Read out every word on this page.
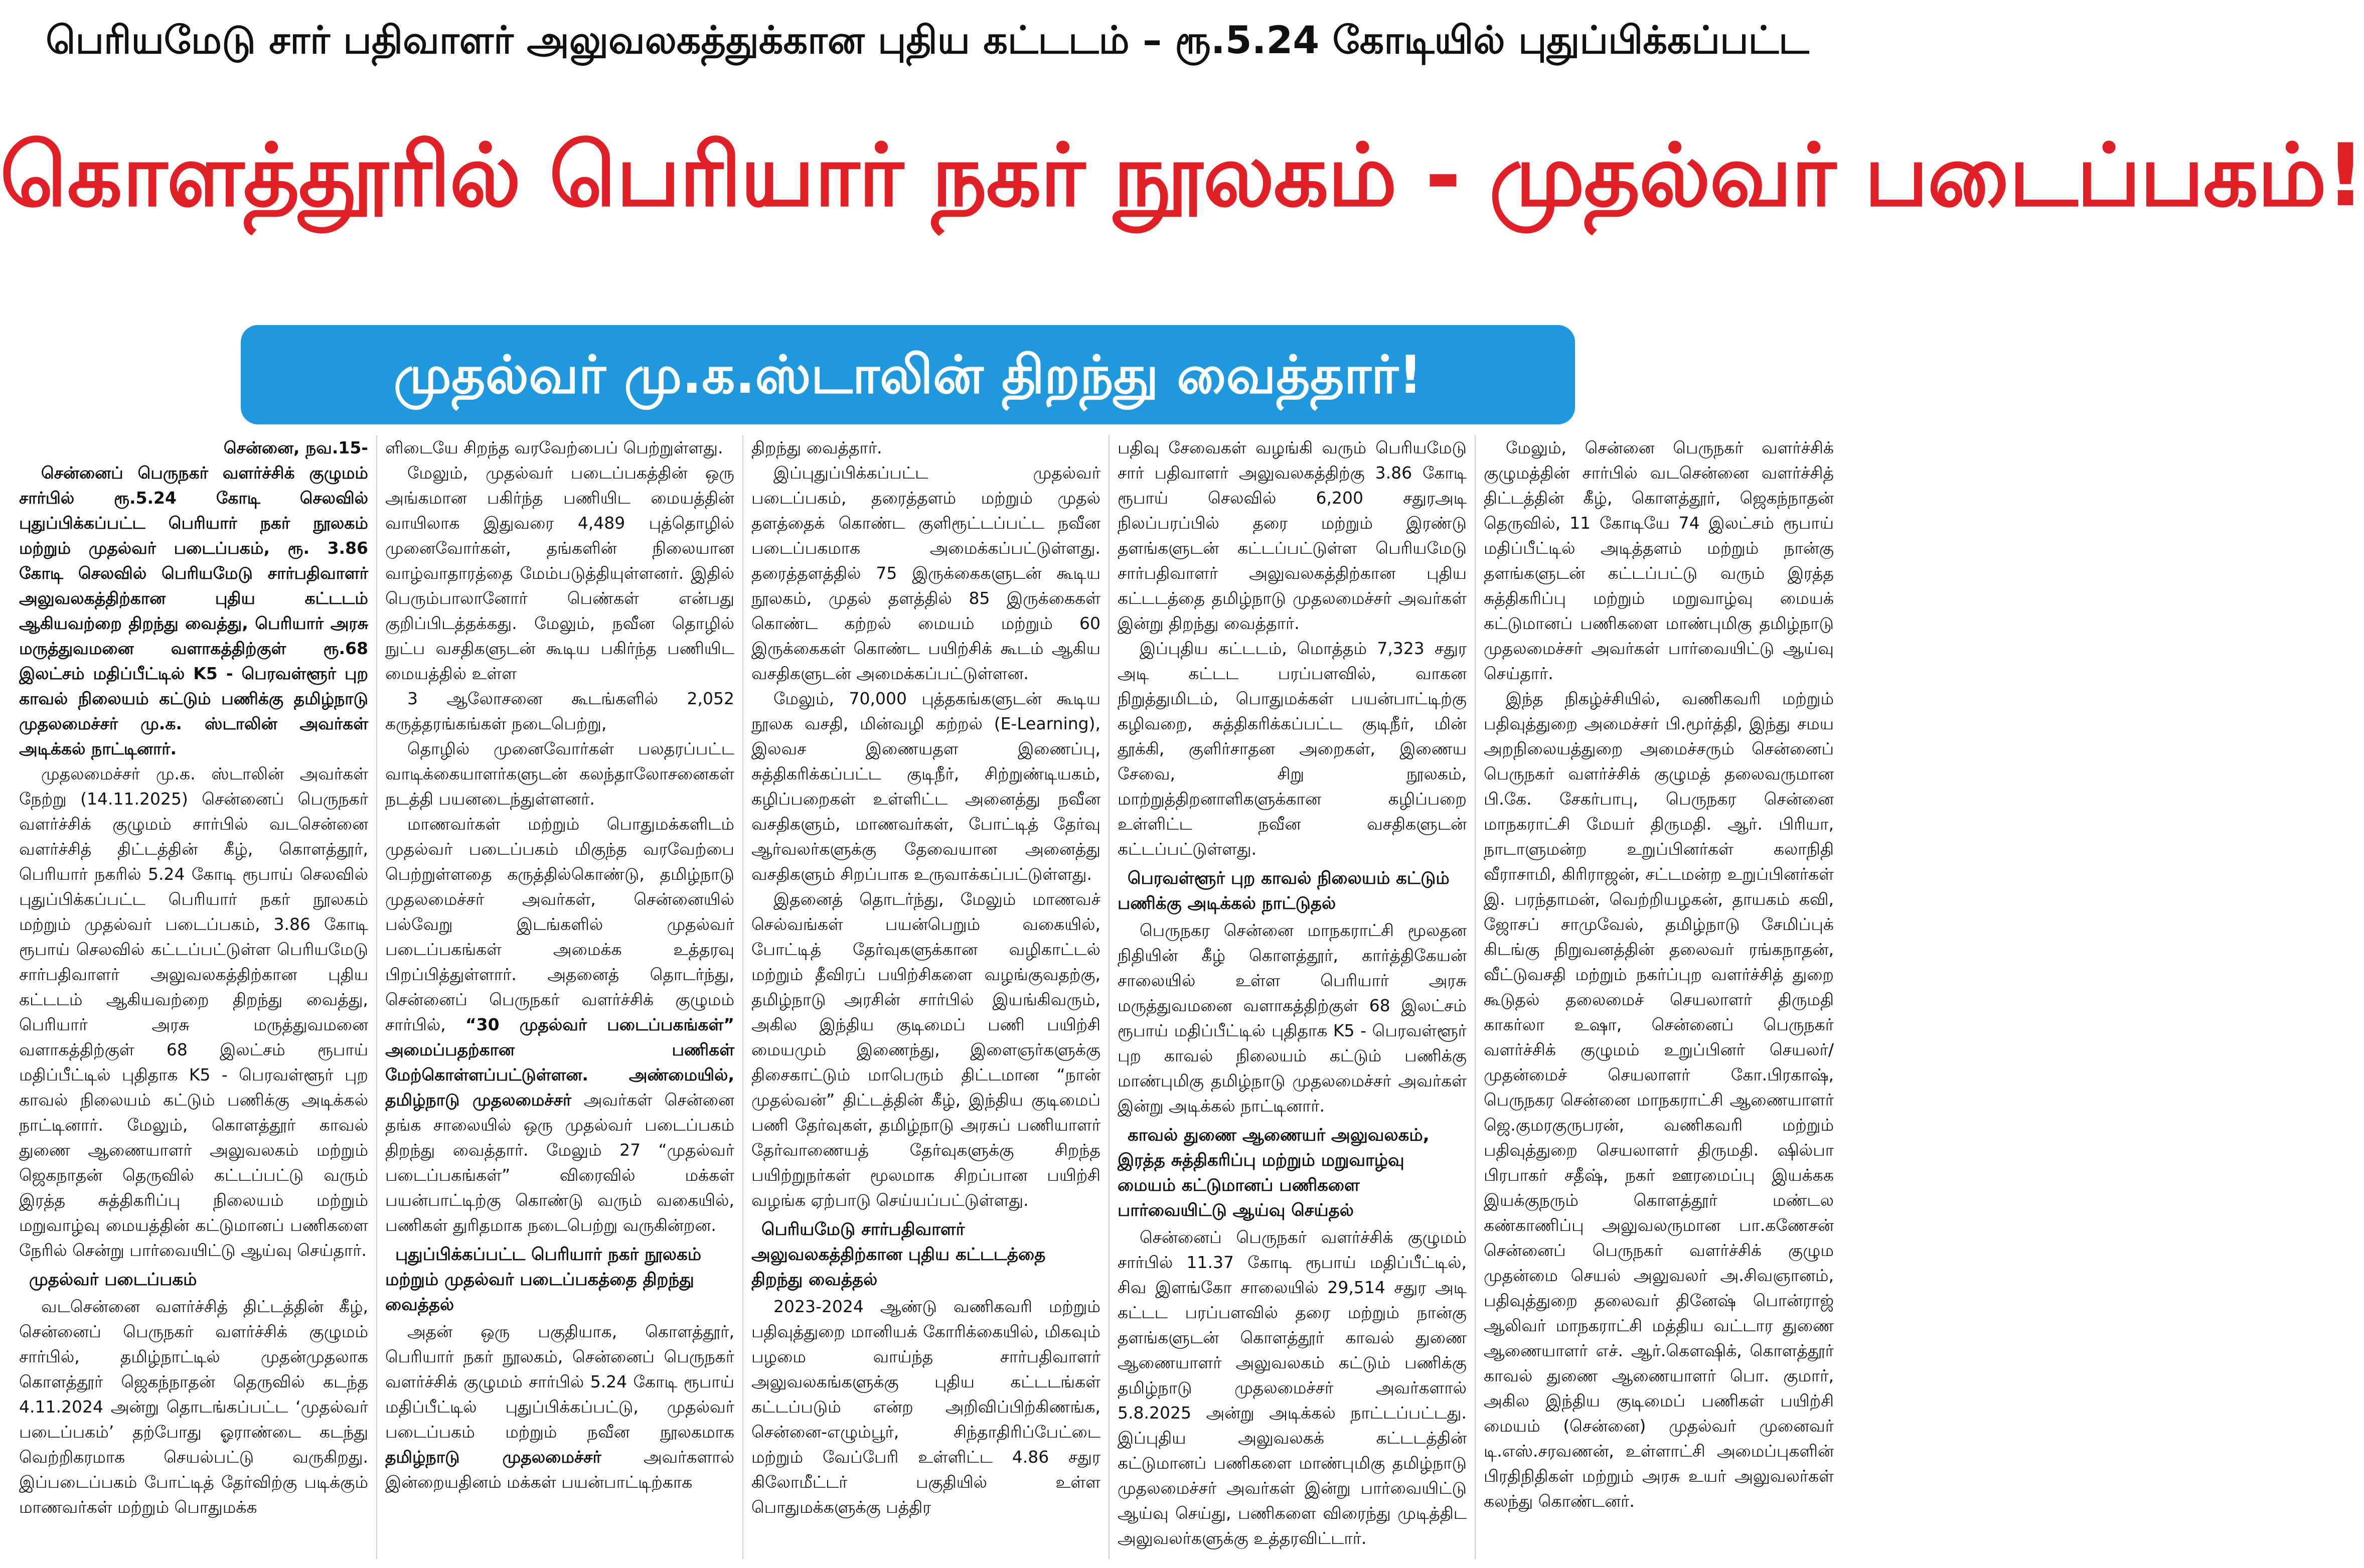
பெரியமேடு சார் பதிவாளர் அலுவலகத்துக்கான புதிய கட்டடம் – ரூ.5.24 கோடியில் புதுப்பிக்கப்பட்ட
கொளத்தூரில் பெரியார் நகர் நூலகம் - முதல்வர் படைப்பகம்!
முதல்வர் மு.க.ஸ்டாலின் திறந்து வைத்தார்!

சென்னை, நவ.15-

சென்னைப் பெருநகர் வளர்ச்சிக் குழுமம் சார்பில் ரூ.5.24 கோடி செலவில் புதுப்பிக்கப்பட்ட பெரியார் நகர் நூலகம் மற்றும் முதல்வர் படைப்பகம், ரூ. 3.86 கோடி செலவில் பெரியமேடு சார்பதிவாளர் அலுவலகத்திற்கான புதிய கட்டடம் ஆகியவற்றை திறந்து வைத்து, பெரியார் அரசு மருத்துவமனை வளாகத்திற்குள் ரூ.68 இலட்சம் மதிப்பீட்டில் K5 - பெரவள்ளூர் புற காவல் நிலையம் கட்டும் பணிக்கு தமிழ்நாடு முதலமைச்சர் மு.க. ஸ்டாலின் அவர்கள் அடிக்கல் நாட்டினார்.

முதலமைச்சர் மு.க. ஸ்டாலின் அவர்கள் நேற்று (14.11.2025) சென்னைப் பெருநகர் வளர்ச்சிக் குழுமம் சார்பில் வடசென்னை வளர்ச்சித் திட்டத்தின் கீழ், கொளத்தூர், பெரியார் நகரில் 5.24 கோடி ரூபாய் செலவில் புதுப்பிக்கப்பட்ட பெரியார் நகர் நூலகம் மற்றும் முதல்வர் படைப்பகம், 3.86 கோடி ரூபாய் செலவில் கட்டப்பட்டுள்ள பெரியமேடு சார்பதிவாளர் அலுவலகத்திற்கான புதிய கட்டடம் ஆகியவற்றை திறந்து வைத்து, பெரியார் அரசு மருத்துவமனை வளாகத்திற்குள் 68 இலட்சம் ரூபாய் மதிப்பீட்டில் புதிதாக K5 - பெரவள்ளூர் புற காவல் நிலையம் கட்டும் பணிக்கு அடிக்கல் நாட்டினார். மேலும், கொளத்தூர் காவல் துணை ஆணையாளர் அலுவலகம் மற்றும் ஜெகநாதன் தெருவில் கட்டப்பட்டு வரும் இரத்த சுத்திகரிப்பு நிலையம் மற்றும் மறுவாழ்வு மையத்தின் கட்டுமானப் பணிகளை நேரில் சென்று பார்வையிட்டு ஆய்வு செய்தார்.

முதல்வர் படைப்பகம்

வடசென்னை வளர்ச்சித் திட்டத்தின் கீழ், சென்னைப் பெருநகர் வளர்ச்சிக் குழுமம் சார்பில், தமிழ்நாட்டில் முதன்முதலாக கொளத்தூர் ஜெகந்நாதன் தெருவில் கடந்த 4.11.2024 அன்று தொடங்கப்பட்ட ‘முதல்வர் படைப்பகம்’ தற்போது ஓராண்டை கடந்து வெற்றிகரமாக செயல்பட்டு வருகிறது. இப்படைப்பகம் போட்டித் தேர்விற்கு படிக்கும் மாணவர்கள் மற்றும் பொதுமக்க

ளிடையே சிறந்த வரவேற்பைப் பெற்றுள்ளது.

மேலும், முதல்வர் படைப்பகத்தின் ஒரு அங்கமான பகிர்ந்த பணியிட மையத்தின் வாயிலாக இதுவரை 4,489 புத்தொழில் முனைவோர்கள், தங்களின் நிலையான வாழ்வாதாரத்தை மேம்படுத்தியுள்ளனர். இதில் பெரும்பாலானோர் பெண்கள் என்பது குறிப்பிடத்தக்கது. மேலும், நவீன தொழில் நுட்ப வசதிகளுடன் கூடிய பகிர்ந்த பணியிட மையத்தில் உள்ள

3 ஆலோசனை கூடங்களில் 2,052 கருத்தரங்கங்கள் நடைபெற்று,

தொழில் முனைவோர்கள் பலதரப்பட்ட வாடிக்கையாளர்களுடன் கலந்தாலோசனைகள் நடத்தி பயனடைந்துள்ளனர்.

மாணவர்கள் மற்றும் பொதுமக்களிடம் முதல்வர் படைப்பகம் மிகுந்த வரவேற்பை பெற்றுள்ளதை கருத்தில்கொண்டு, தமிழ்நாடு முதலமைச்சர் அவர்கள், சென்னையில் பல்வேறு இடங்களில் முதல்வர் படைப்பகங்கள் அமைக்க உத்தரவு பிறப்பித்துள்ளார். அதனைத் தொடர்ந்து, சென்னைப் பெருநகர் வளர்ச்சிக் குழுமம் சார்பில், “30 முதல்வர் படைப்பகங்கள்” அமைப்பதற்கான பணிகள் மேற்கொள்ளப்பட்டுள்ளன. அண்மையில், தமிழ்நாடு முதலமைச்சர் அவர்கள் சென்னை தங்க சாலையில் ஒரு முதல்வர் படைப்பகம் திறந்து வைத்தார். மேலும் 27 “முதல்வர் படைப்பகங்கள்” விரைவில் மக்கள் பயன்பாட்டிற்கு கொண்டு வரும் வகையில், பணிகள் துரிதமாக நடைபெற்று வருகின்றன.

புதுப்பிக்கப்பட்ட பெரியார் நகர் நூலகம் மற்றும் முதல்வர் படைப்பகத்தை திறந்து வைத்தல்

அதன் ஒரு பகுதியாக, கொளத்தூர், பெரியார் நகர் நூலகம், சென்னைப் பெருநகர் வளர்ச்சிக் குழுமம் சார்பில் 5.24 கோடி ரூபாய் மதிப்பீட்டில் புதுப்பிக்கப்பட்டு, முதல்வர் படைப்பகம் மற்றும் நவீன நூலகமாக தமிழ்நாடு முதலமைச்சர் அவர்களால் இன்றையதினம் மக்கள் பயன்பாட்டிற்காக

திறந்து வைத்தார்.

இப்புதுப்பிக்கப்பட்ட முதல்வர் படைப்பகம், தரைத்தளம் மற்றும் முதல் தளத்தைக் கொண்ட குளிரூட்டப்பட்ட நவீன படைப்பகமாக அமைக்கப்பட்டுள்ளது. தரைத்தளத்தில் 75 இருக்கைகளுடன் கூடிய நூலகம், முதல் தளத்தில் 85 இருக்கைகள் கொண்ட கற்றல் மையம் மற்றும் 60 இருக்கைகள் கொண்ட பயிற்சிக் கூடம் ஆகிய வசதிகளுடன் அமைக்கப்பட்டுள்ளன.

மேலும், 70,000 புத்தகங்களுடன் கூடிய நூலக வசதி, மின்வழி கற்றல் (E-Learning), இலவச இணையதள இணைப்பு, சுத்திகரிக்கப்பட்ட குடிநீர், சிற்றுண்டியகம், கழிப்பறைகள் உள்ளிட்ட அனைத்து நவீன வசதிகளும், மாணவர்கள், போட்டித் தேர்வு ஆர்வலர்களுக்கு தேவையான அனைத்து வசதிகளும் சிறப்பாக உருவாக்கப்பட்டுள்ளது.

இதனைத் தொடர்ந்து, மேலும் மாணவச் செல்வங்கள் பயன்பெறும் வகையில், போட்டித் தேர்வுகளுக்கான வழிகாட்டல் மற்றும் தீவிரப் பயிற்சிகளை வழங்குவதற்கு, தமிழ்நாடு அரசின் சார்பில் இயங்கிவரும், அகில இந்திய குடிமைப் பணி பயிற்சி மையமும் இணைந்து, இளைஞர்களுக்கு திசைகாட்டும் மாபெரும் திட்டமான “நான் முதல்வன்” திட்டத்தின் கீழ், இந்திய குடிமைப் பணி தேர்வுகள், தமிழ்நாடு அரசுப் பணியாளர் தேர்வாணையத் தேர்வுகளுக்கு சிறந்த பயிற்றுநர்கள் மூலமாக சிறப்பான பயிற்சி வழங்க ஏற்பாடு செய்யப்பட்டுள்ளது.

பெரியமேடு சார்பதிவாளர் அலுவலகத்திற்கான புதிய கட்டடத்தை திறந்து வைத்தல்

2023-2024 ஆண்டு வணிகவரி மற்றும் பதிவுத்துறை மானியக் கோரிக்கையில், மிகவும் பழமை வாய்ந்த சார்பதிவாளர் அலுவலகங்களுக்கு புதிய கட்டடங்கள் கட்டப்படும் என்ற அறிவிப்பிற்கிணங்க, சென்னை-எழும்பூர், சிந்தாதிரிப்பேட்டை மற்றும் வேப்பேரி உள்ளிட்ட 4.86 சதுர கிலோமீட்டர் பகுதியில் உள்ள பொதுமக்களுக்கு பத்திர

பதிவு சேவைகள் வழங்கி வரும் பெரியமேடு சார் பதிவாளர் அலுவலகத்திற்கு 3.86 கோடி ரூபாய் செலவில் 6,200 சதுரஅடி நிலப்பரப்பில் தரை மற்றும் இரண்டு தளங்களுடன் கட்டப்பட்டுள்ள பெரியமேடு சார்பதிவாளர் அலுவலகத்திற்கான புதிய கட்டடத்தை தமிழ்நாடு முதலமைச்சர் அவர்கள் இன்று திறந்து வைத்தார்.

இப்புதிய கட்டடம், மொத்தம் 7,323 சதுர அடி கட்டட பரப்பளவில், வாகன நிறுத்துமிடம், பொதுமக்கள் பயன்பாட்டிற்கு கழிவறை, சுத்திகரிக்கப்பட்ட குடிநீர், மின் தூக்கி, குளிர்சாதன அறைகள், இணைய சேவை, சிறு நூலகம், மாற்றுத்திறனாளிகளுக்கான கழிப்பறை உள்ளிட்ட நவீன வசதிகளுடன் கட்டப்பட்டுள்ளது.

பெரவள்ளூர் புற காவல் நிலையம் கட்டும் பணிக்கு அடிக்கல் நாட்டுதல்

பெருநகர சென்னை மாநகராட்சி மூலதன நிதியின் கீழ் கொளத்தூர், கார்த்திகேயன் சாலையில் உள்ள பெரியார் அரசு மருத்துவமனை வளாகத்திற்குள் 68 இலட்சம் ரூபாய் மதிப்பீட்டில் புதிதாக K5 - பெரவள்ளூர் புற காவல் நிலையம் கட்டும் பணிக்கு மாண்புமிகு தமிழ்நாடு முதலமைச்சர் அவர்கள் இன்று அடிக்கல் நாட்டினார்.

காவல் துணை ஆணையர் அலுவலகம், இரத்த சுத்திகரிப்பு மற்றும் மறுவாழ்வு மையம் கட்டுமானப் பணிகளை பார்வையிட்டு ஆய்வு செய்தல்

சென்னைப் பெருநகர் வளர்ச்சிக் குழுமம் சார்பில் 11.37 கோடி ரூபாய் மதிப்பீட்டில், சிவ இளங்கோ சாலையில் 29,514 சதுர அடி கட்டட பரப்பளவில் தரை மற்றும் நான்கு தளங்களுடன் கொளத்தூர் காவல் துணை ஆணையாளர் அலுவலகம் கட்டும் பணிக்கு தமிழ்நாடு முதலமைச்சர் அவர்களால் 5.8.2025 அன்று அடிக்கல் நாட்டப்பட்டது. இப்புதிய அலுவலகக் கட்டடத்தின் கட்டுமானப் பணிகளை மாண்புமிகு தமிழ்நாடு முதலமைச்சர் அவர்கள் இன்று பார்வையிட்டு ஆய்வு செய்து, பணிகளை விரைந்து முடித்திட அலுவலர்களுக்கு உத்தரவிட்டார்.

மேலும், சென்னை பெருநகர் வளர்ச்சிக் குழுமத்தின் சார்பில் வடசென்னை வளர்ச்சித் திட்டத்தின் கீழ், கொளத்தூர், ஜெகந்நாதன் தெருவில், 11 கோடியே 74 இலட்சம் ரூபாய் மதிப்பீட்டில் அடித்தளம் மற்றும் நான்கு தளங்களுடன் கட்டப்பட்டு வரும் இரத்த சுத்திகரிப்பு மற்றும் மறுவாழ்வு மையக் கட்டுமானப் பணிகளை மாண்புமிகு தமிழ்நாடு முதலமைச்சர் அவர்கள் பார்வையிட்டு ஆய்வு செய்தார்.

இந்த நிகழ்ச்சியில், வணிகவரி மற்றும் பதிவுத்துறை அமைச்சர் பி.மூர்த்தி, இந்து சமய அறநிலையத்துறை அமைச்சரும் சென்னைப் பெருநகர் வளர்ச்சிக் குழுமத் தலைவருமான பி.கே. சேகர்பாபு, பெருநகர சென்னை மாநகராட்சி மேயர் திருமதி. ஆர். பிரியா, நாடாளுமன்ற உறுப்பினர்கள் கலாநிதி வீராசாமி, கிரிராஜன், சட்டமன்ற உறுப்பினர்கள் இ. பரந்தாமன், வெற்றியழகன், தாயகம் கவி, ஜோசப் சாமுவேல், தமிழ்நாடு சேமிப்புக் கிடங்கு நிறுவனத்தின் தலைவர் ரங்கநாதன், வீட்டுவசதி மற்றும் நகர்ப்புற வளர்ச்சித் துறை கூடுதல் தலைமைச் செயலாளர் திருமதி காகர்லா உஷா, சென்னைப் பெருநகர் வளர்ச்சிக் குழுமம் உறுப்பினர் செயலர்/முதன்மைச் செயலாளர் கோ.பிரகாஷ், பெருநகர சென்னை மாநகராட்சி ஆணையாளர் ஜெ.குமரகுருபரன், வணிகவரி மற்றும் பதிவுத்துறை செயலாளர் திருமதி. ஷில்பா பிரபாகர் சதீஷ், நகர் ஊரமைப்பு இயக்கக இயக்குநரும் கொளத்தூர் மண்டல கண்காணிப்பு அலுவலருமான பா.கணேசன் சென்னைப் பெருநகர் வளர்ச்சிக் குழும முதன்மை செயல் அலுவலர் அ.சிவஞானம், பதிவுத்துறை தலைவர் தினேஷ் பொன்ராஜ் ஆலிவர் மாநகராட்சி மத்திய வட்டார துணை ஆணையாளர் எச். ஆர்.கௌஷிக், கொளத்தூர் காவல் துணை ஆணையாளர் பொ. குமார், அகில இந்திய குடிமைப் பணிகள் பயிற்சி மையம் (சென்னை) முதல்வர் முனைவர் டி.எஸ்.சரவணன், உள்ளாட்சி அமைப்புகளின் பிரதிநிதிகள் மற்றும் அரசு உயர் அலுவலர்கள் கலந்து கொண்டனர்.
